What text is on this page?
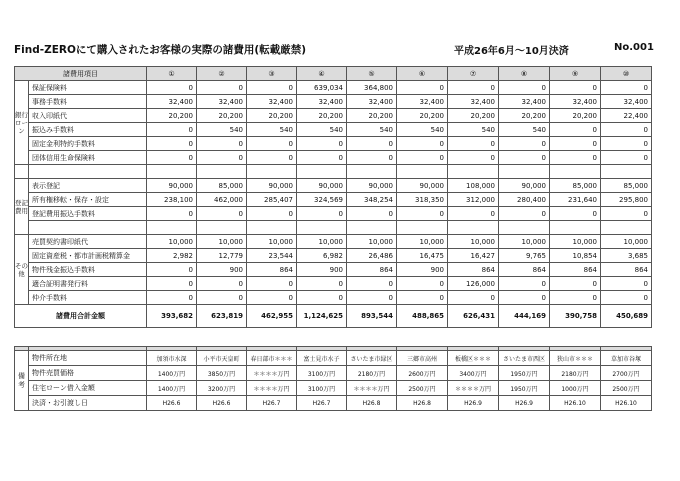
Find-ZEROにて購入されたお客様の実際の諸費用(転載厳禁)	平成26年6月～10月決済	No.001
諸費用項目		①	②	③	④	⑤	⑥	⑦	⑧	⑨	⑩
銀行ローン	保証保険料	0	0	0	639,034	364,800	0	0	0	0	0
	事務手数料	32,400	32,400	32,400	32,400	32,400	32,400	32,400	32,400	32,400	32,400
	収入印紙代	20,200	20,200	20,200	20,200	20,200	20,200	20,200	20,200	20,200	22,400
	振込み手数料	0	540	540	540	540	540	540	540	0	0
	固定金利特約手数料	0	0	0	0	0	0	0	0	0	0
	団体信用生命保険料	0	0	0	0	0	0	0	0	0	0

登記費用	表示登記	90,000	85,000	90,000	90,000	90,000	90,000	108,000	90,000	85,000	85,000
	所有権移転・保存・設定	238,100	462,000	285,407	324,569	348,254	318,350	312,000	280,400	231,640	295,800
	登記費用振込手数料	0	0	0	0	0	0	0	0	0	0

その他	売買契約書印紙代	10,000	10,000	10,000	10,000	10,000	10,000	10,000	10,000	10,000	10,000
	固定資産税・都市計画税精算金	2,982	12,779	23,544	6,982	26,486	16,475	16,427	9,765	10,854	3,685
	物件残金振込手数料	0	900	864	900	864	900	864	864	864	864
	適合証明書発行料	0	0	0	0	0	0	126,000	0	0	0
	仲介手数料	0	0	0	0	0	0	0	0	0	0
諸費用合計金額		393,682	623,819	462,955	1,124,625	893,544	488,865	626,431	444,169	390,758	450,689

備考	物件所在地	加須市水深	小平市天皇町	春日部市＊＊＊	富士見市水子	さいたま市緑区	三郷市高州	板橋区＊＊＊	さいたま市西区	狭山市＊＊＊	草加市谷塚
	物件売買価格	1400万円	3850万円	＊＊＊＊万円	3100万円	2180万円	2600万円	3400万円	1950万円	2180万円	2700万円
	住宅ローン借入金額	1400万円	3200万円	＊＊＊＊万円	3100万円	＊＊＊＊万円	2500万円	＊＊＊＊万円	1950万円	1000万円	2500万円
	決済・お引渡し日	H26.6	H26.6	H26.7	H26.7	H26.8	H26.8	H26.9	H26.9	H26.10	H26.10
